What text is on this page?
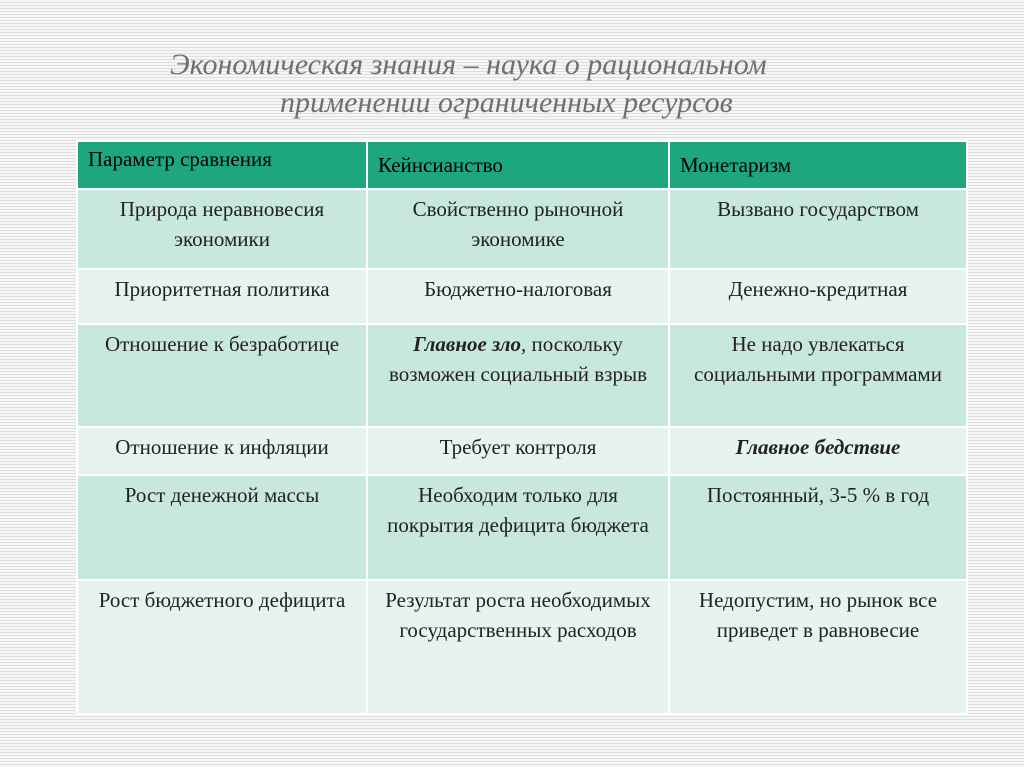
Экономическая знания – наука о рациональном
применении ограниченных ресурсов
Параметр сравнения	Кейнсианство	Монетаризм
Природа неравновесия экономики	Свойственно рыночной экономике	Вызвано государством
Приоритетная политика	Бюджетно-налоговая	Денежно-кредитная
Отношение к безработице	Главное зло, поскольку возможен социальный взрыв	Не надо увлекаться социальными программами
Отношение к инфляции	Требует контроля	Главное бедствие
Рост денежной массы	Необходим только для покрытия дефицита бюджета	Постоянный, 3-5 % в год
Рост бюджетного дефицита	Результат роста необходимых государственных расходов	Недопустим, но рынок все приведет в равновесие
